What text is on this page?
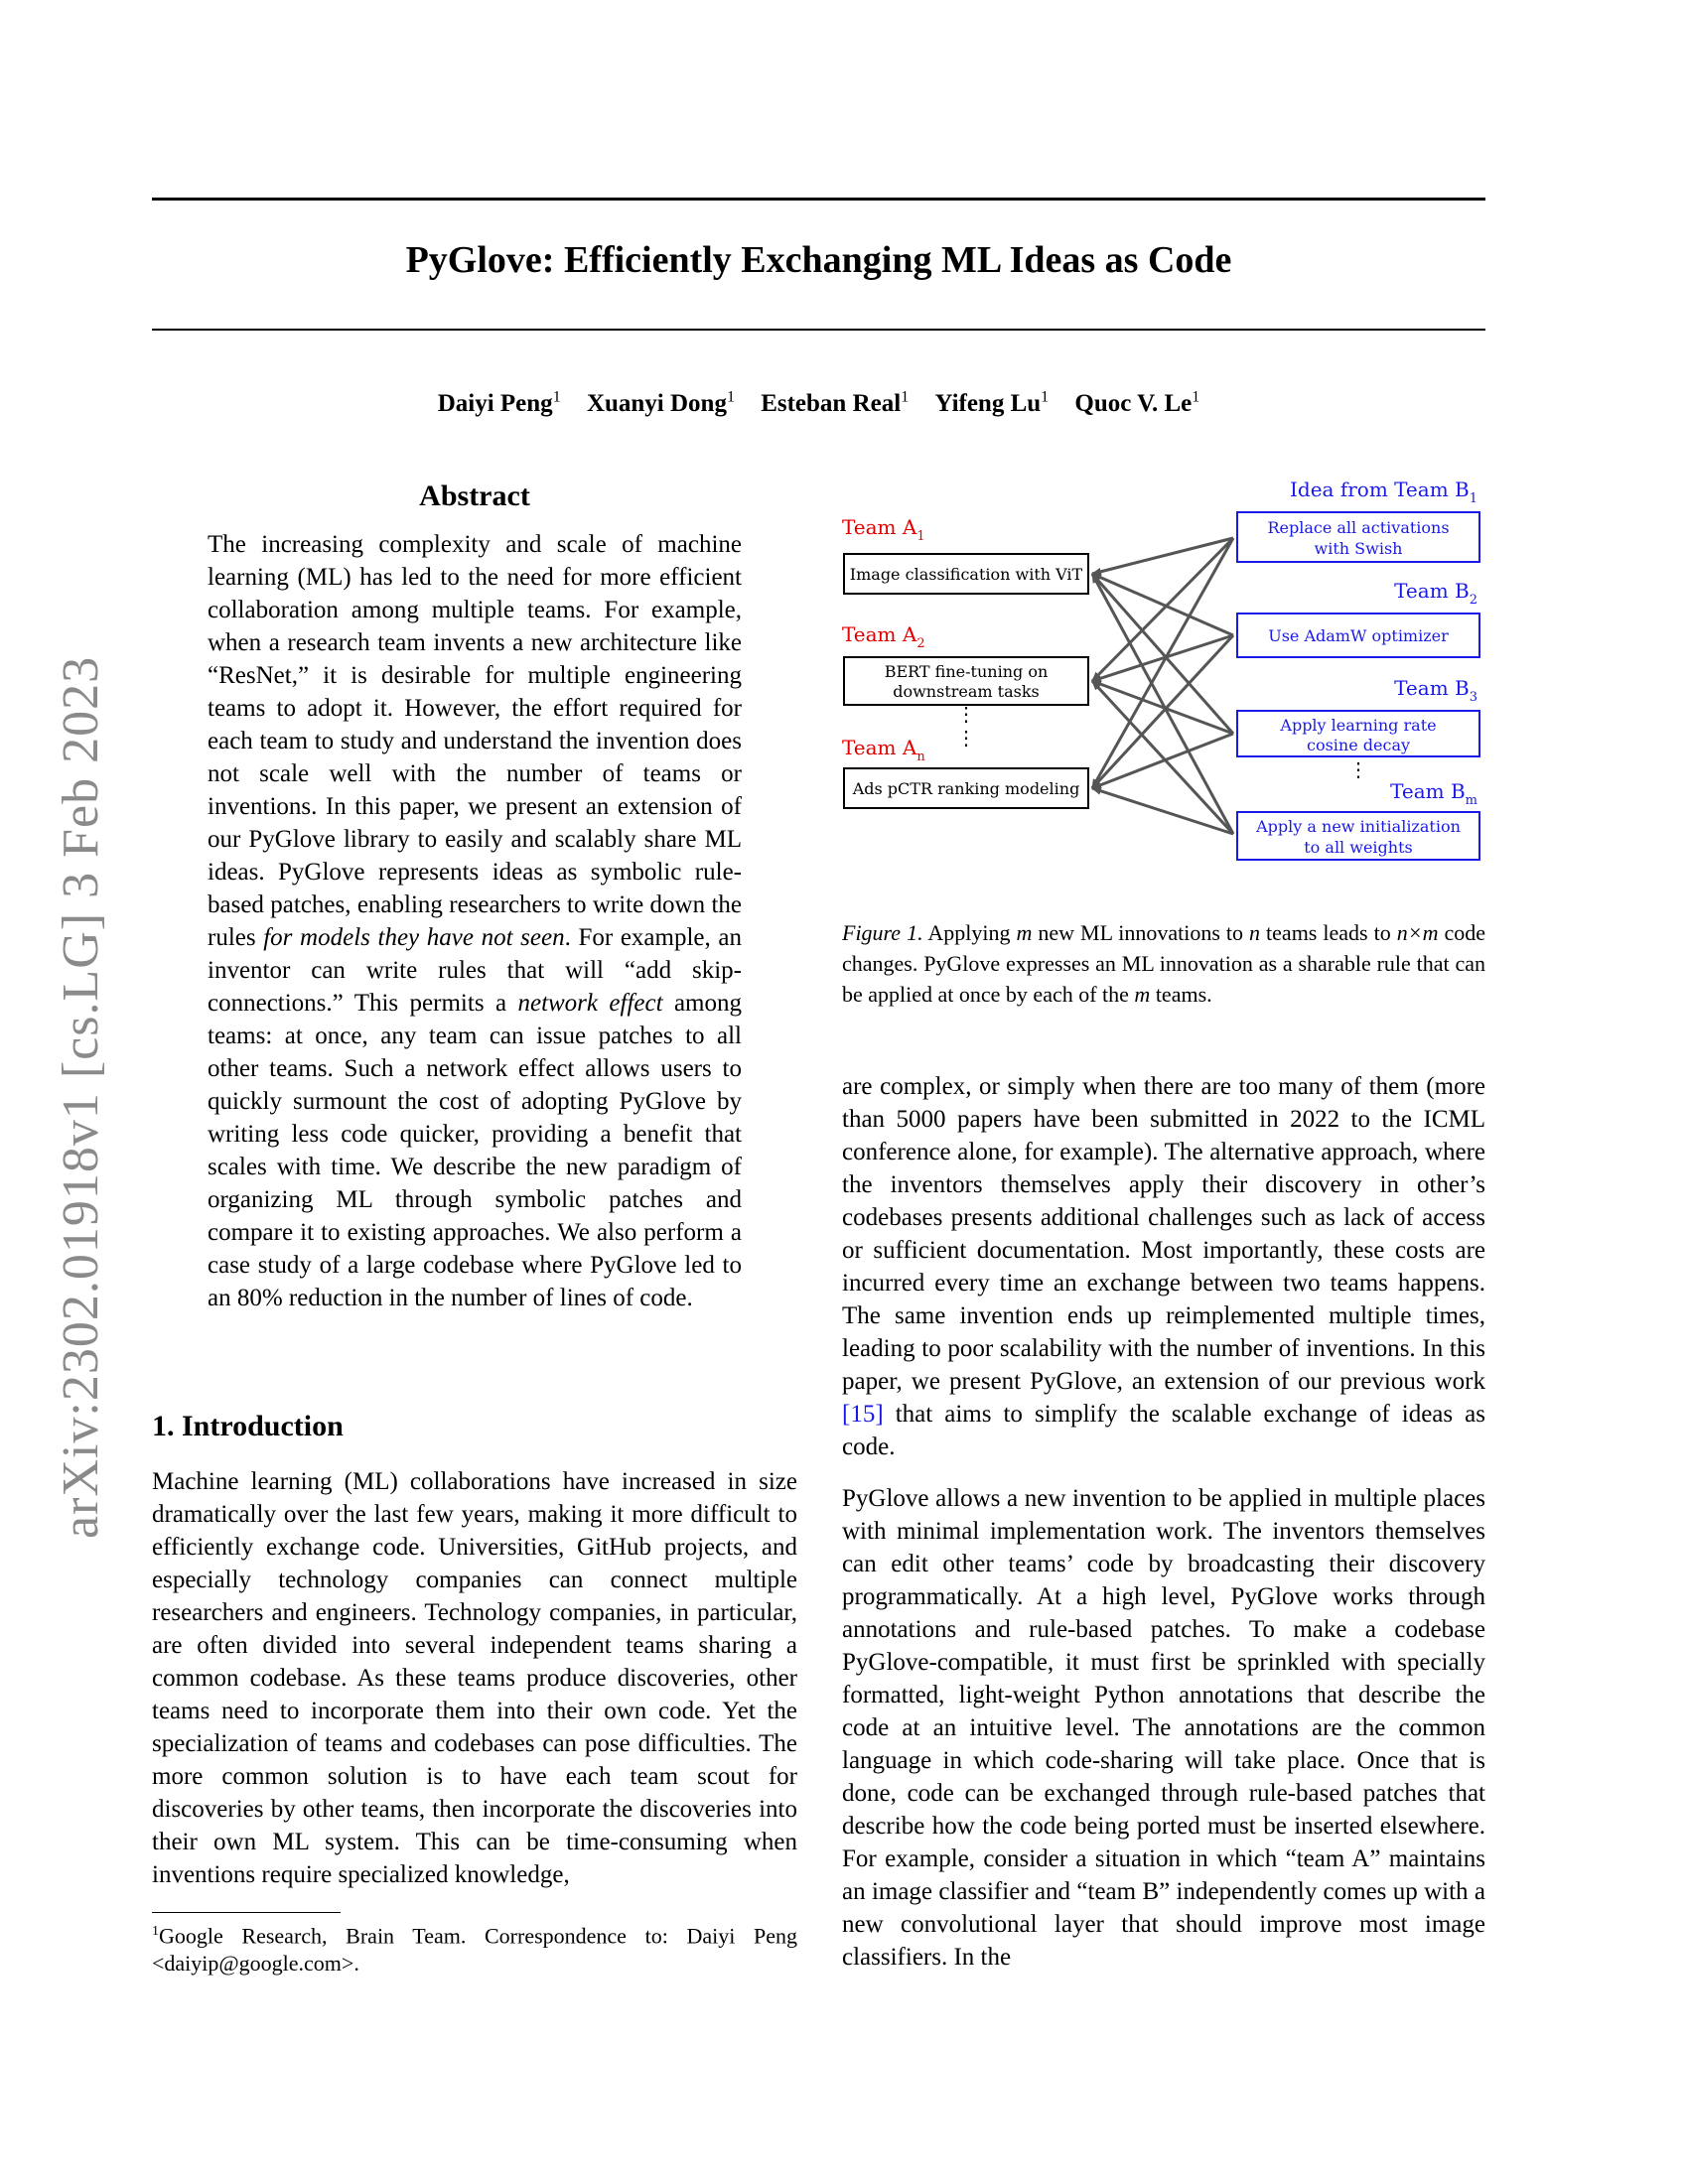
PyGlove: Efficiently Exchanging ML Ideas as Code
Daiyi Peng$^1$ Xuanyi Dong$^1$ Esteban Real$^1$ Yifeng Lu$^1$ Quoc V. Le$^1$
arXiv:2302.01918v1 [cs.LG] 3 Feb 2023
Abstract
The increasing complexity and scale of machine learning (ML) has led to the need for more efficient collaboration among multiple teams. For example, when a research team invents a new architecture like “ResNet,” it is desirable for multiple engineering teams to adopt it. However, the effort required for each team to study and understand the invention does not scale well with the number of teams or inventions. In this paper, we present an extension of our PyGlove library to easily and scalably share ML ideas. PyGlove represents ideas as symbolic rule-based patches, enabling researchers to write down the rules for models they have not seen. For example, an inventor can write rules that will “add skip-connections.” This permits a network effect among teams: at once, any team can issue patches to all other teams. Such a network effect allows users to quickly surmount the cost of adopting PyGlove by writing less code quicker, providing a benefit that scales with time. We describe the new paradigm of organizing ML through symbolic patches and compare it to existing approaches. We also perform a case study of a large codebase where PyGlove led to an 80% reduction in the number of lines of code.
1. Introduction

Machine learning (ML) collaborations have increased in size dramatically over the last few years, making it more difficult to efficiently exchange code. Universities, GitHub projects, and especially technology companies can connect multiple researchers and engineers. Technology companies, in particular, are often divided into several independent teams sharing a common codebase. As these teams produce discoveries, other teams need to incorporate them into their own code. Yet the specialization of teams and codebases can pose difficulties. The more common solution is to have each team scout for discoveries by other teams, then incorporate the discoveries into their own ML system. This can be time-consuming when inventions require specialized knowledge,

$^1$Google Research, Brain Team. Correspondence to: Daiyi Peng <daiyip@google.com>.
Team $A_1$
Image classification with ViT
Team $A_2$
BERT fine-tuning on
downstream tasks
⋮
⋮
Team $A_n$
Ads pCTR ranking modeling
Idea from Team $B_1$
Replace all activations
with Swish
Team $B_2$
Use AdamW optimizer
Team $B_3$
Apply learning rate
cosine decay
⋮
Team $B_m$
Apply a new initialization
to all weights
Figure 1. Applying m new ML innovations to n teams leads to n×m code changes. PyGlove expresses an ML innovation as a sharable rule that can be applied at once by each of the m teams.

are complex, or simply when there are too many of them (more than 5000 papers have been submitted in 2022 to the ICML conference alone, for example). The alternative approach, where the inventors themselves apply their discovery in other’s codebases presents additional challenges such as lack of access or sufficient documentation. Most importantly, these costs are incurred every time an exchange between two teams happens. The same invention ends up reimplemented multiple times, leading to poor scalability with the number of inventions. In this paper, we present PyGlove, an extension of our previous work [15] that aims to simplify the scalable exchange of ideas as code.

PyGlove allows a new invention to be applied in multiple places with minimal implementation work. The inventors themselves can edit other teams’ code by broadcasting their discovery programmatically. At a high level, PyGlove works through annotations and rule-based patches. To make a codebase PyGlove-compatible, it must first be sprinkled with specially formatted, light-weight Python annotations that describe the code at an intuitive level. The annotations are the common language in which code-sharing will take place. Once that is done, code can be exchanged through rule-based patches that describe how the code being ported must be inserted elsewhere. For example, consider a situation in which “team A” maintains an image classifier and “team B” independently comes up with a new convolutional layer that should improve most image classifiers. In the
